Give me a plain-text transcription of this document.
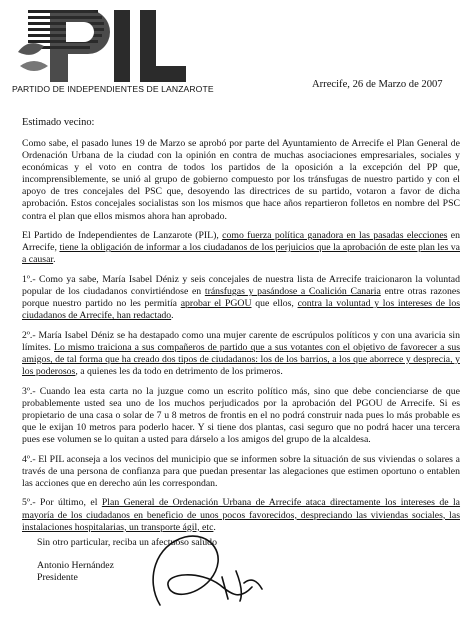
PIL
PARTIDO DE INDEPENDIENTES DE LANZAROTE	Arrecife, 26 de Marzo de 2007
Estimado vecino:

Como sabe, el pasado lunes 19 de Marzo se aprobó por parte del Ayuntamiento de Arrecife el Plan General de Ordenación Urbana de la ciudad con la opinión en contra de muchas asociaciones empresariales, sociales y económicas y el voto en contra de todos los partidos de la oposición a la excepción del PP que, incomprensiblemente, se unió al grupo de gobierno compuesto por los tránsfugas de nuestro partido y con el apoyo de tres concejales del PSC que, desoyendo las directrices de su partido, votaron a favor de dicha aprobación. Estos concejales socialistas son los mismos que hace años repartieron folletos en nombre del PSC contra el plan que ellos mismos ahora han aprobado.

El Partido de Independientes de Lanzarote (PIL), como fuerza política ganadora en las pasadas elecciones en Arrecife, tiene la obligación de informar a los ciudadanos de los perjuicios que la aprobación de este plan les va a causar.

1º.- Como ya sabe, María Isabel Déniz y seis concejales de nuestra lista de Arrecife traicionaron la voluntad popular de los ciudadanos convirtiéndose en tránsfugas y pasándose a Coalición Canaria entre otras razones porque nuestro partido no les permitía aprobar el PGOU que ellos, contra la voluntad y los intereses de los ciudadanos de Arrecife, han redactado.

2º.- María Isabel Déniz se ha destapado como una mujer carente de escrúpulos políticos y con una avaricia sin límites. Lo mismo traiciona a sus compañeros de partido que a sus votantes con el objetivo de favorecer a sus amigos, de tal forma que ha creado dos tipos de ciudadanos: los de los barrios, a los que aborrece y desprecia, y los poderosos, a quienes les da todo en detrimento de los primeros.

3º.- Cuando lea esta carta no la juzgue como un escrito político más, sino que debe concienciarse de que probablemente usted sea uno de los muchos perjudicados por la aprobación del PGOU de Arrecife. Si es propietario de una casa o solar de 7 u 8 metros de frontis en el no podrá construir nada pues lo más probable es que le exijan 10 metros para poderlo hacer. Y si tiene dos plantas, casi seguro que no podrá hacer una tercera pues ese volumen se lo quitan a usted para dárselo a los amigos del grupo de la alcaldesa.

4º.- El PIL aconseja a los vecinos del municipio que se informen sobre la situación de sus viviendas o solares a través de una persona de confianza para que puedan presentar las alegaciones que estimen oportuno o entablen las acciones que en derecho aún les correspondan.

5º.- Por último, el Plan General de Ordenación Urbana de Arrecife ataca directamente los intereses de la mayoría de los ciudadanos en beneficio de unos pocos favorecidos, despreciando las viviendas sociales, las instalaciones hospitalarias, un transporte ágil, etc.

Sin otro particular, reciba un afectuoso saludo
Antonio Hernández
Presidente
